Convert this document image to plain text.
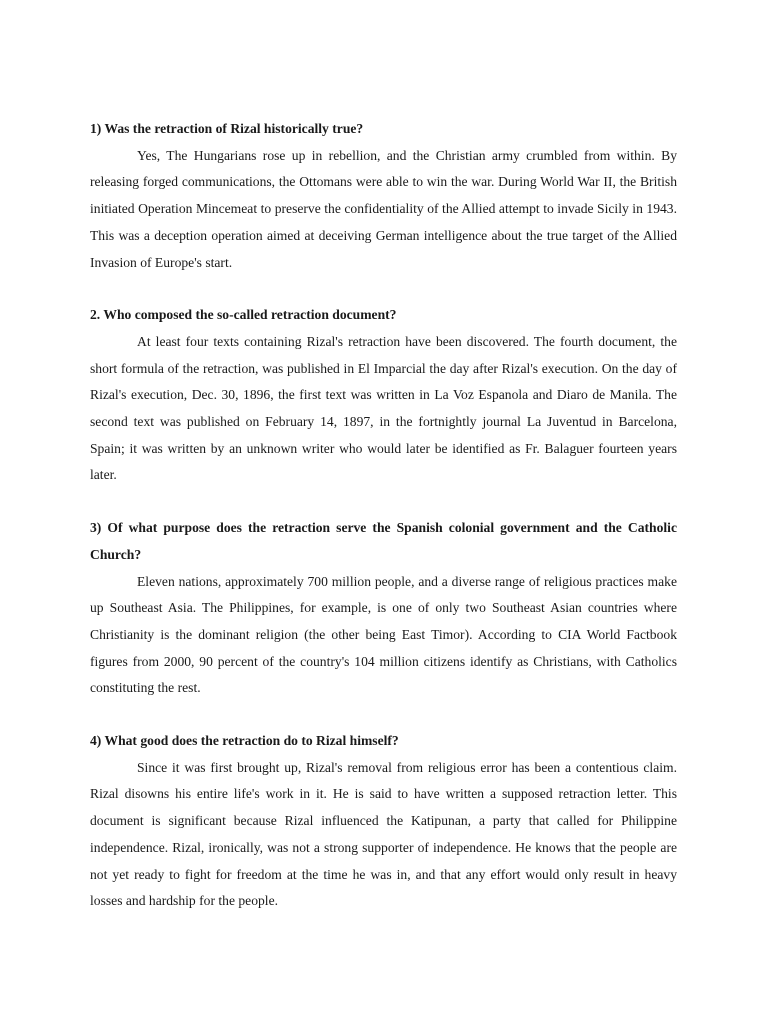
1) Was the retraction of Rizal historically true?

Yes, The Hungarians rose up in rebellion, and the Christian army crumbled from within. By releasing forged communications, the Ottomans were able to win the war. During World War II, the British initiated Operation Mincemeat to preserve the confidentiality of the Allied attempt to invade Sicily in 1943. This was a deception operation aimed at deceiving German intelligence about the true target of the Allied Invasion of Europe's start.

2. Who composed the so-called retraction document?

At least four texts containing Rizal's retraction have been discovered. The fourth document, the short formula of the retraction, was published in El Imparcial the day after Rizal's execution. On the day of Rizal's execution, Dec. 30, 1896, the first text was written in La Voz Espanola and Diaro de Manila. The second text was published on February 14, 1897, in the fortnightly journal La Juventud in Barcelona, Spain; it was written by an unknown writer who would later be identified as Fr. Balaguer fourteen years later.

3) Of what purpose does the retraction serve the Spanish colonial government and the Catholic Church?

Eleven nations, approximately 700 million people, and a diverse range of religious practices make up Southeast Asia. The Philippines, for example, is one of only two Southeast Asian countries where Christianity is the dominant religion (the other being East Timor). According to CIA World Factbook figures from 2000, 90 percent of the country's 104 million citizens identify as Christians, with Catholics constituting the rest.

4) What good does the retraction do to Rizal himself?

Since it was first brought up, Rizal's removal from religious error has been a contentious claim. Rizal disowns his entire life's work in it. He is said to have written a supposed retraction letter. This document is significant because Rizal influenced the Katipunan, a party that called for Philippine independence. Rizal, ironically, was not a strong supporter of independence. He knows that the people are not yet ready to fight for freedom at the time he was in, and that any effort would only result in heavy losses and hardship for the people.
